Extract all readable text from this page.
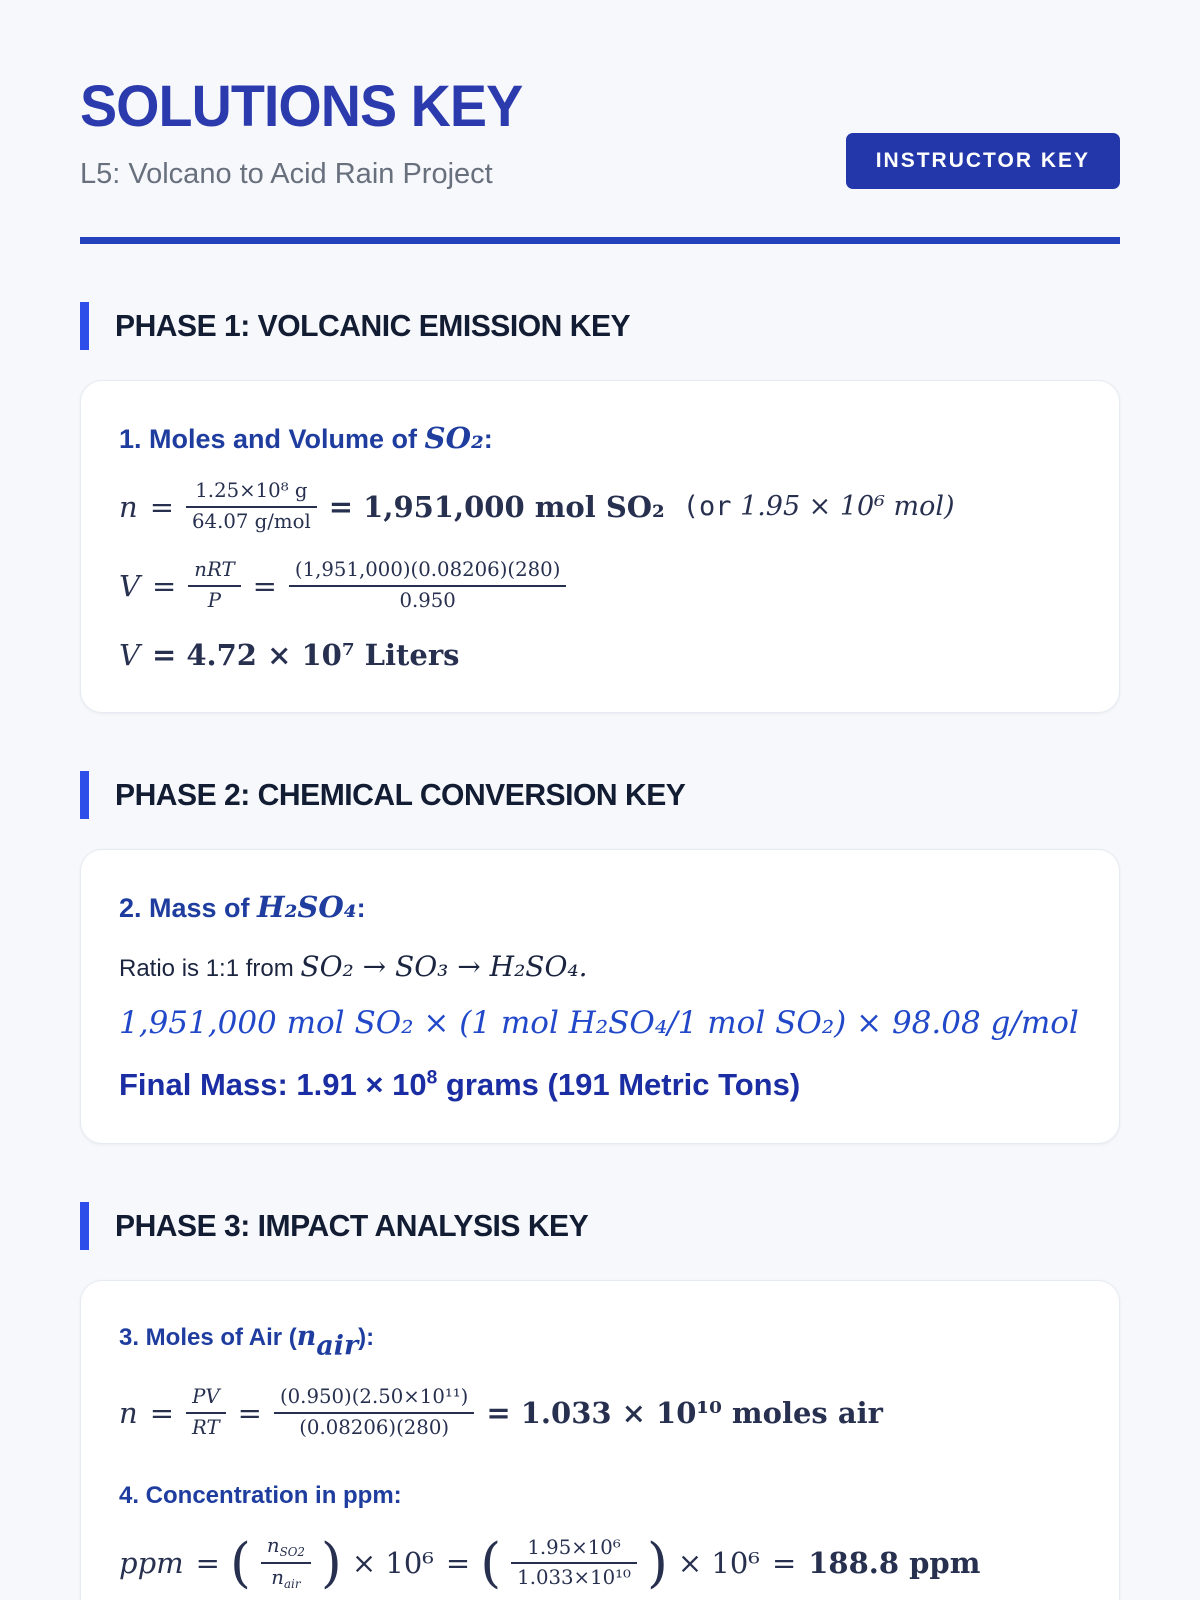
SOLUTIONS KEY
L5: Volcano to Acid Rain Project	INSTRUCTOR KEY
PHASE 1: VOLCANIC EMISSION KEY
1. Moles and Volume of SO₂:
$n = \frac{\text{1.25×10⁸ g}}{\text{64.07 g/mol}} = 1,951,000$ mol SO₂ (or 1.95 × 10⁶ mol)
$V = \frac{\text{nRT}}{P} = \frac{(1,951,000)(0.08206)(280)}{0.950}$
V = 4.72 × 10⁷ Liters
PHASE 2: CHEMICAL CONVERSION KEY
2. Mass of H₂SO₄:

Ratio is 1:1 from SO₂ → SO₃ → H₂SO₄.

1,951,000 mol SO₂ × (1 mol H₂SO₄/1 mol SO₂) × 98.08 g/mol

Final Mass: $1.91 \times 10^8$ grams (191 Metric Tons)

PHASE 3: IMPACT ANALYSIS KEY
3. Moles of Air (nair):
$n = \frac{PV}{RT} = \frac{\text{(0.950)(2.50×10¹¹)}}{(0.08206)(280)} = 1.033 \times 10^{10}$ moles air
4. Concentration in ppm:
ppm = ( $\frac{n_{SO2}}{n_{air}}$ ) × 10⁶ = ( $\frac{\text{1.95×10⁶}}{\text{1.033×10¹⁰}}$ ) × 10⁶ = 188.8 ppm
